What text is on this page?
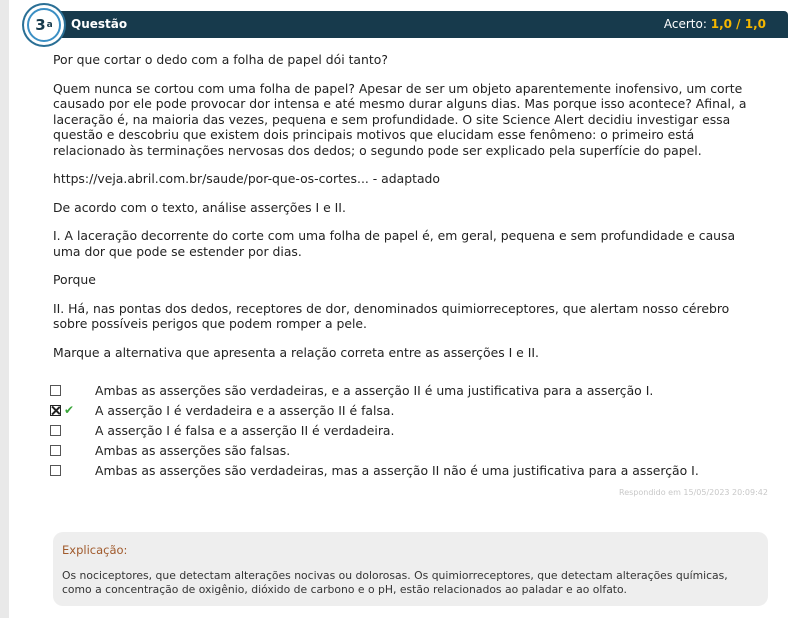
Questão	Acerto: 1,0 / 1,0
3 a

Por que cortar o dedo com a folha de papel dói tanto?

Quem nunca se cortou com uma folha de papel? Apesar de ser um objeto aparentemente inofensivo, um corte causado por ele pode provocar dor intensa e até mesmo durar alguns dias. Mas porque isso acontece? Afinal, a laceração é, na maioria das vezes, pequena e sem profundidade. O site Science Alert decidiu investigar essa questão e descobriu que existem dois principais motivos que elucidam esse fenômeno: o primeiro está relacionado às terminações nervosas dos dedos; o segundo pode ser explicado pela superfície do papel.

https://veja.abril.com.br/saude/por-que-os-cortes... - adaptado

De acordo com o texto, análise asserções I e II.

I. A laceração decorrente do corte com uma folha de papel é, em geral, pequena e sem profundidade e causa uma dor que pode se estender por dias.

Porque

II. Há, nas pontas dos dedos, receptores de dor, denominados quimiorreceptores, que alertam nosso cérebro sobre possíveis perigos que podem romper a pele.

Marque a alternativa que apresenta a relação correta entre as asserções I e II.

Ambas as asserções são verdadeiras, e a asserção II é uma justificativa para a asserção I.
✔ A asserção I é verdadeira e a asserção II é falsa.
A asserção I é falsa e a asserção II é verdadeira.
Ambas as asserções são falsas.
Ambas as asserções são verdadeiras, mas a asserção II não é uma justificativa para a asserção I.
Respondido em 15/05/2023 20:09:42
Explicação:
Os nociceptores, que detectam alterações nocivas ou dolorosas. Os quimiorreceptores, que detectam alterações químicas, como a concentração de oxigênio, dióxido de carbono e o pH, estão relacionados ao paladar e ao olfato.
